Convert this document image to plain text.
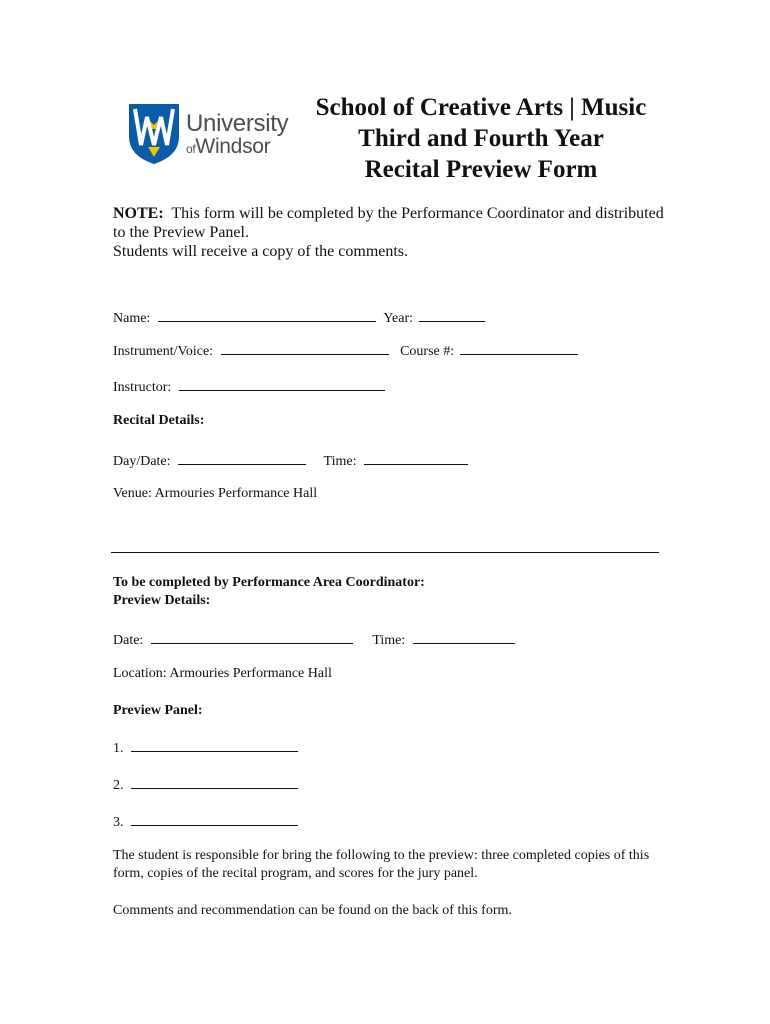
University
ofWindsor
School of Creative Arts | Music
Third and Fourth Year
Recital Preview Form
NOTE: This form will be completed by the Performance Coordinator and distributed to the Preview Panel.
Students will receive a copy of the comments.
Name:	Year:
Instrument/Voice:	Course #:
Instructor:
Recital Details:
Day/Date:	Time:
Venue: Armouries Performance Hall
To be completed by Performance Area Coordinator:
Preview Details:
Date:	Time:
Location: Armouries Performance Hall
Preview Panel:
1.
2.
3.
The student is responsible for bring the following to the preview: three completed copies of this form, copies of the recital program, and scores for the jury panel.
Comments and recommendation can be found on the back of this form.
